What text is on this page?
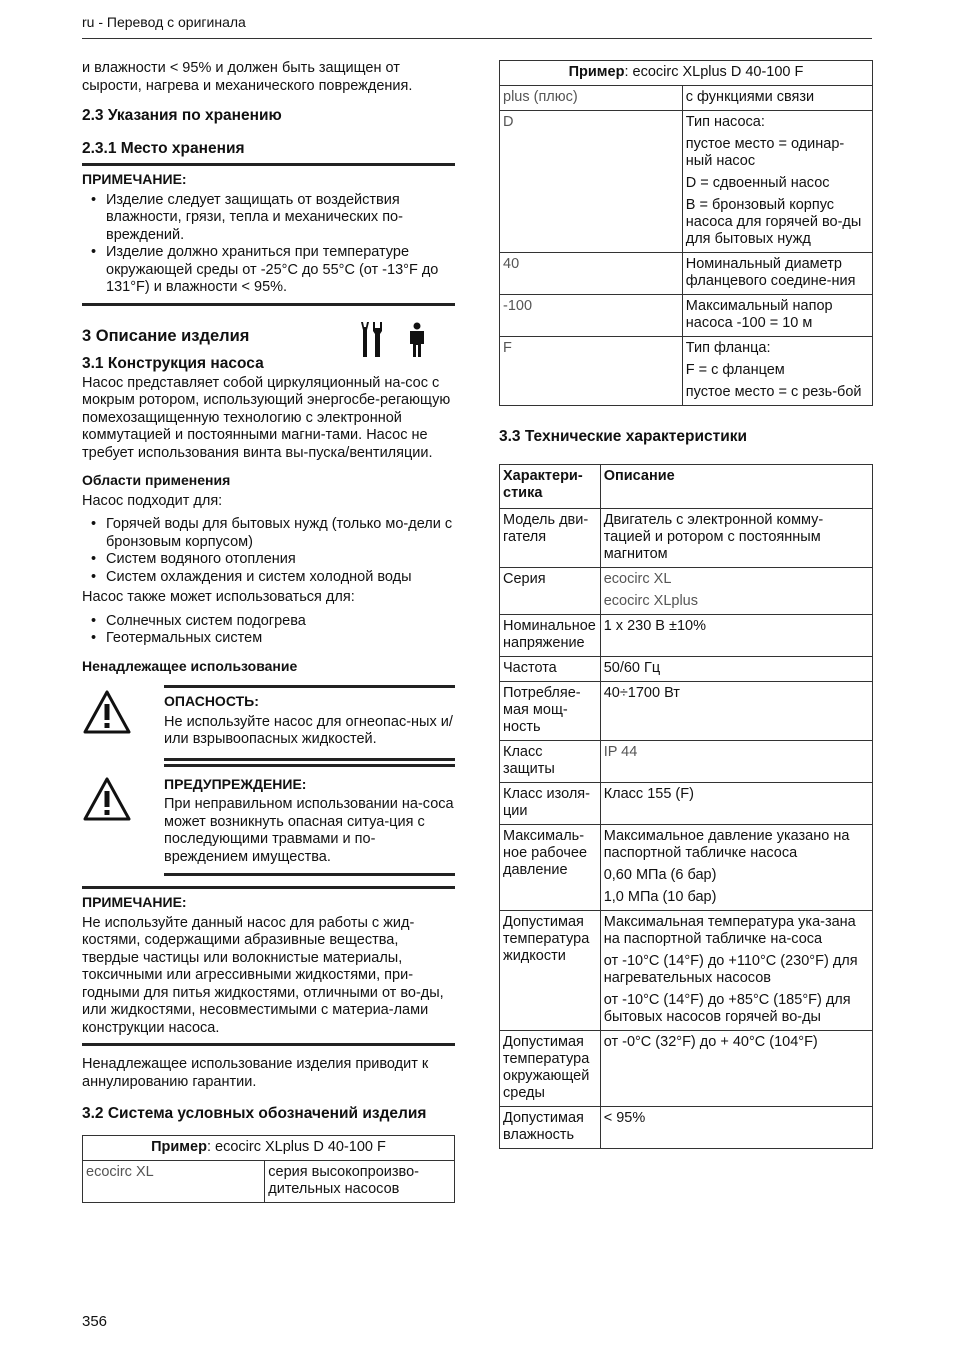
ru - Перевод с оригинала

и влажности < 95% и должен быть защищен от сырости, нагрева и механического повреждения.

2.3 Указания по хранению
2.3.1 Место хранения
ПРИМЕЧАНИЕ:
• Изделие следует защищать от воздействия влажности, грязи, тепла и механических по-вреждений.
• Изделие должно храниться при температуре окружающей среды от -25°C до 55°C (от -13°F до 131°F) и влажности < 95%.
3 Описание изделия
3.1 Конструкция насоса

Насос представляет собой циркуляционный на-сос с мокрым ротором, использующий энергосбе-регающую помехозащищенную технологию с электронной коммутацией и постоянными магни-тами. Насос не требует использования винта вы-пуска/вентиляции.

Области применения

Насос подходит для:

• Горячей воды для бытовых нужд (только мо-дели с бронзовым корпусом)
• Систем водяного отопления
• Систем охлаждения и систем холодной воды

Насос также может использоваться для:

• Солнечных систем подогрева
• Геотермальных систем
Ненадлежащее использование
ОПАСНОСТЬ:

Не используйте насос для огнеопас-ных и/или взрывоопасных жидкостей.

ПРЕДУПРЕЖДЕНИЕ:

При неправильном использовании на-соса может возникнуть опасная ситуа-ция с последующими травмами и по-вреждением имущества.

ПРИМЕЧАНИЕ:

Не используйте данный насос для работы с жид-костями, содержащими абразивные вещества, твердые частицы или волокнистые материалы, токсичными или агрессивными жидкостями, при-годными для питья жидкостями, отличными от во-ды, или жидкостями, несовместимыми с материа-лами конструкции насоса.

Ненадлежащее использование изделия приводит к аннулированию гарантии.

3.2 Система условных обозначений изделия
Пример: ecocirc XLplus D 40-100 F
ecocirc XL	серия высокопроизво-дительных насосов
Пример: ecocirc XLplus D 40-100 F	
plus (плюс)	с функциями связи

D	Тип насоса:
пустое место = одинар-ный насос
D = сдвоенный насос
B = бронзовый корпус насоса для горячей во-ды для бытовых нужд

40	Номинальный диаметр фланцевого соедине-ния

-100	Максимальный напор насоса -100 = 10 м

F	Тип фланца:
F = с фланцем
пустое место = с резь-бой
3.3 Технические характеристики
Характери-стика	Описание
Модель дви-гателя	Двигатель с электронной комму-тацией и ротором с постоянным магнитом

Серия	ecocirc XL
ecocirc XLplus

Номинальное напряжение	1 x 230 В ±10%

Частота	50/60 Гц

Потребляе-мая мощ-ность	40÷1700 Вт

Класс защиты	IP 44

Класс изоля-ции	Класс 155 (F)

Максималь-ное рабочее давление	Максимальное давление указано на паспортной табличке насоса
0,60 МПа (6 бар)
1,0 МПа (10 бар)

Допустимая температура жидкости	Максимальная температура ука-зана на паспортной табличке на-соса
от -10°C (14°F) до +110°C (230°F) для нагревательных насосов
от -10°C (14°F) до +85°C (185°F) для бытовых насосов горячей во-ды

Допустимая температура окружающей среды	от -0°C (32°F) до + 40°C (104°F)

Допустимая влажность	< 95%
356
